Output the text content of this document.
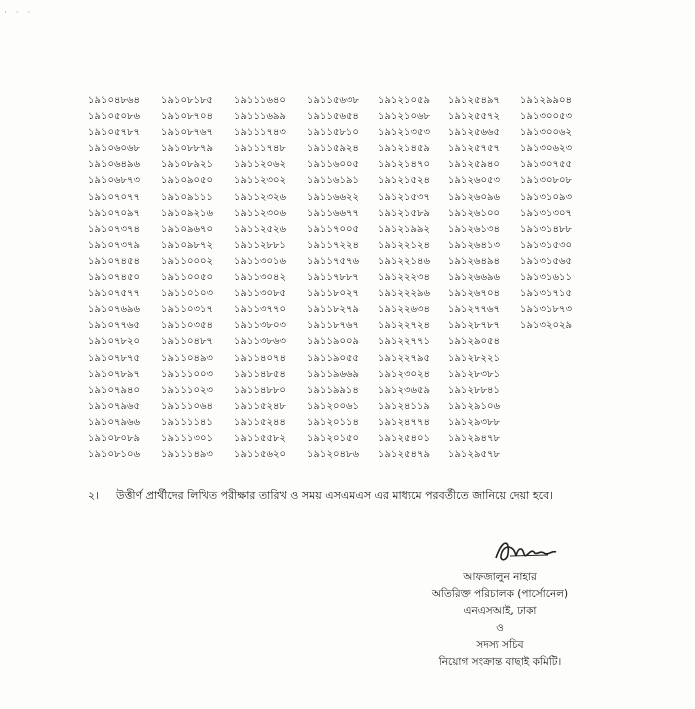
· · ·
১৯১০৪৮৬৪
১৯১০৫০৮৬
১৯১০৫৭৮৭
১৯১০৬০৬৮
১৯১০৬৪৯৬
১৯১০৬৮৭৩
১৯১০৭০৭৭
১৯১০৭০৯৭
১৯১০৭৩৭৪
১৯১০৭৩৭৯
১৯১০৭৪৫৪
১৯১০৭৪৫০
১৯১০৭৫৭৭
১৯১০৭৬৯৬
১৯১০৭৭৬৫
১৯১০৭৮২০
১৯১০৭৮৭৫
১৯১০৭৮৯৭
১৯১০৭৯৪০
১৯১০৭৯৬৫
১৯১০৭৯৬৬
১৯১০৮০৮৯
১৯১০৮১০৬
১৯১০৮১৮৫
১৯১০৮৭০৪
১৯১০৮৭৬৭
১৯১০৮৮৭৯
১৯১০৮৯২১
১৯১০৯০৫০
১৯১০৯১১১
১৯১০৯২১৬
১৯১০৯৬৭০
১৯১০৯৮৭২
১৯১১০০০২
১৯১১০০৫০
১৯১১০১০৩
১৯১১০৩১৭
১৯১১০৩৫৪
১৯১১০৪৮৭
১৯১১০৪৯৩
১৯১১১০০৩
১৯১১১০২৩
১৯১১১০৬৪
১৯১১১১৪১
১৯১১১৩০১
১৯১১১৪৯৩
১৯১১১৬৪০
১৯১১১৬৯৯
১৯১১১৭৪৩
১৯১১১৭৪৮
১৯১১২০৬২
১৯১১২৩০২
১৯১১২৩২৬
১৯১১২৩০৬
১৯১১২৫২৬
১৯১১২৮৮১
১৯১১৩০১৬
১৯১১৩০৪২
১৯১১৩০৮৫
১৯১১৩৭৭০
১৯১১৩৮০৩
১৯১১৩৮৬৩
১৯১১৪০৭৪
১৯১১৪৮৫৪
১৯১১৪৮৮০
১৯১১৫২৪৮
১৯১১৫২৪৪
১৯১১৫৫৮২
১৯১১৫৬২০
১৯১১৫৬৩৮
১৯১১৫৬৫৪
১৯১১৫৮১০
১৯১১৫৯২৪
১৯১১৬০০৫
১৯১১৬১৯১
১৯১১৬৬২২
১৯১১৬৬৭৭
১৯১১৭০০৫
১৯১১৭২২৪
১৯১১৭৫৭৬
১৯১১৭৮৮৭
১৯১১৮০২৭
১৯১১৮২৭৯
১৯১১৮৭৬৭
১৯১১৯০০৯
১৯১১৯০৫৫
১৯১১৯৬৬৯
১৯১১৯৯১৪
১৯১২০০৬১
১৯১২০১১৪
১৯১২০১৫০
১৯১২০৪৮৬
১৯১২১০৫৯
১৯১২১০৬৮
১৯১২১৩৫৩
১৯১২১৪৫৯
১৯১২১৪৭০
১৯১২১৫২৪
১৯১২১৫৩৭
১৯১২১৫৮৯
১৯১২১৯৯২
১৯১২২১২৪
১৯১২২১৪৬
১৯১২২২৩৪
১৯১২২২৯৬
১৯১২২৬৩৪
১৯১২২৭২৪
১৯১২২৭৭১
১৯১২২৭৯৫
১৯১২৩০২৪
১৯১২৩৬৫৯
১৯১২৪১১৯
১৯১২৪৭৭৪
১৯১২৫৪০১
১৯১২৫৪৭৯
১৯১২৫৪৯৭
১৯১২৫৫৭২
১৯১২৫৬৬৫
১৯১২৫৭৫৭
১৯১২৫৯৪০
১৯১২৬০৫৩
১৯১২৬০৯৬
১৯১২৬১০০
১৯১২৬১৩৪
১৯১২৬৪১৩
১৯১২৬৪৯৪
১৯১২৬৬৯৬
১৯১২৬৭০৪
১৯১২৭৭৬৭
১৯১২৮৭৮৭
১৯১২৯০৫৪
১৯১২৮২২১
১৯১২৮৩৮১
১৯১২৮৮৪১
১৯১২৯১০৬
১৯১২৯৩৮৮
১৯১২৯৪৭৮
১৯১২৯৫৭৮
১৯১২৯৯০৪
১৯১৩০০৫৩
১৯১৩০০৬২
১৯১৩০৬২৩
১৯১৩০৭৫৫
১৯১৩০৮০৮
১৯১৩১০৯৩
১৯১৩১৩০৭
১৯১৩১৪৮৮
১৯১৩১৫৩০
১৯১৩১৫৬৫
১৯১৩১৬১১
১৯১৩১৭১৫
১৯১৩১৮৭৩
১৯১৩২০২৯
২। উত্তীর্ণ প্রার্থীদের লিখিত পরীক্ষার তারিখ ও সময় এসএমএস এর মাধ্যমে পরবর্তীতে জানিয়ে দেয়া হবে।
আফজালুন নাহার
অতিরিক্ত পরিচালক (পার্সোনেল)
এনএসআই, ঢাকা
ও
সদস্য সচিব
নিয়োগ সংক্রান্ত বাছাই কমিটি।
